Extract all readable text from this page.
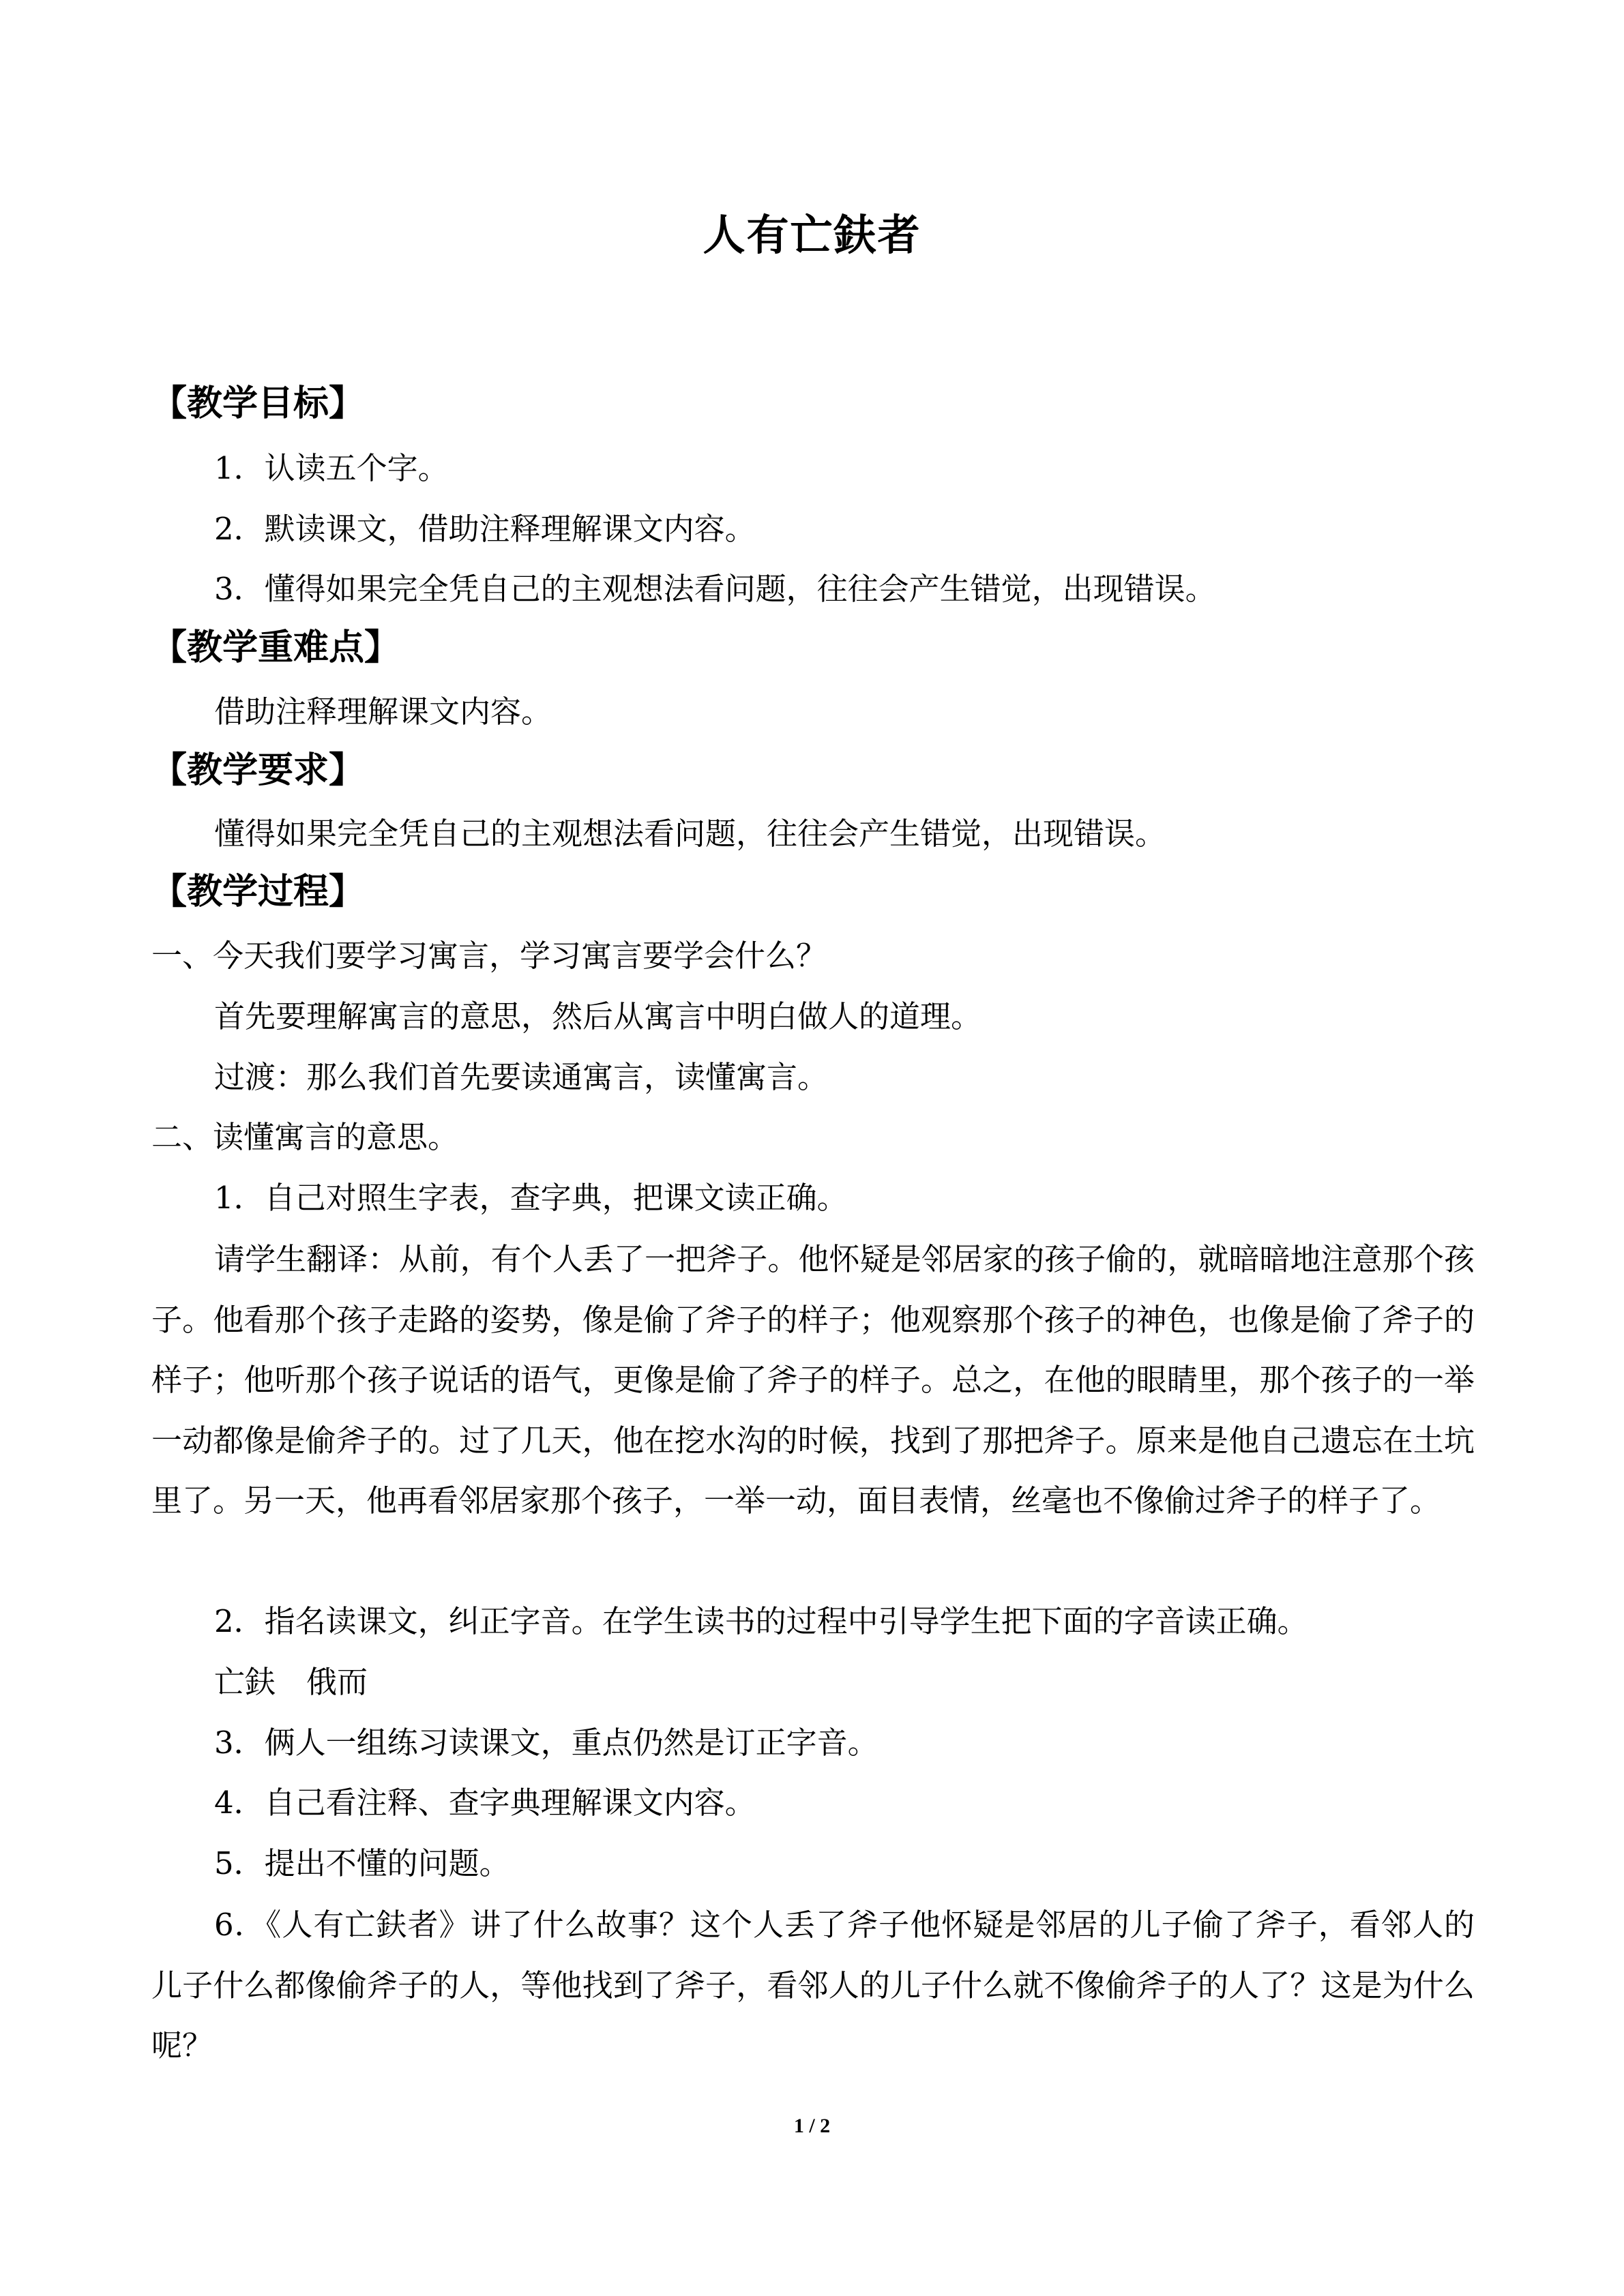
人有亡鈇者
【教学目标】
1．认读五个字。
2．默读课文，借助注释理解课文内容。
3．懂得如果完全凭自己的主观想法看问题，往往会产生错觉，出现错误。
【教学重难点】
借助注释理解课文内容。
【教学要求】
懂得如果完全凭自己的主观想法看问题，往往会产生错觉，出现错误。
【教学过程】
一、今天我们要学习寓言，学习寓言要学会什么？
首先要理解寓言的意思，然后从寓言中明白做人的道理。
过渡：那么我们首先要读通寓言，读懂寓言。
二、读懂寓言的意思。
1．自己对照生字表，查字典，把课文读正确。
请学生翻译：从前，有个人丢了一把斧子。他怀疑是邻居家的孩子偷的，就暗暗地注意那个孩子。他看那个孩子走路的姿势，像是偷了斧子的样子；他观察那个孩子的神色，也像是偷了斧子的样子；他听那个孩子说话的语气，更像是偷了斧子的样子。总之，在他的眼睛里，那个孩子的一举一动都像是偷斧子的。过了几天，他在挖水沟的时候，找到了那把斧子。原来是他自己遗忘在土坑里了。另一天，他再看邻居家那个孩子，一举一动，面目表情，丝毫也不像偷过斧子的样子了。
2．指名读课文，纠正字音。在学生读书的过程中引导学生把下面的字音读正确。
亡鈇　俄而
3．俩人一组练习读课文，重点仍然是订正字音。
4．自己看注释、查字典理解课文内容。
5．提出不懂的问题。
6．《人有亡鈇者》讲了什么故事？这个人丢了斧子他怀疑是邻居的儿子偷了斧子，看邻人的儿子什么都像偷斧子的人，等他找到了斧子，看邻人的儿子什么就不像偷斧子的人了？这是为什么呢？
1 / 2
